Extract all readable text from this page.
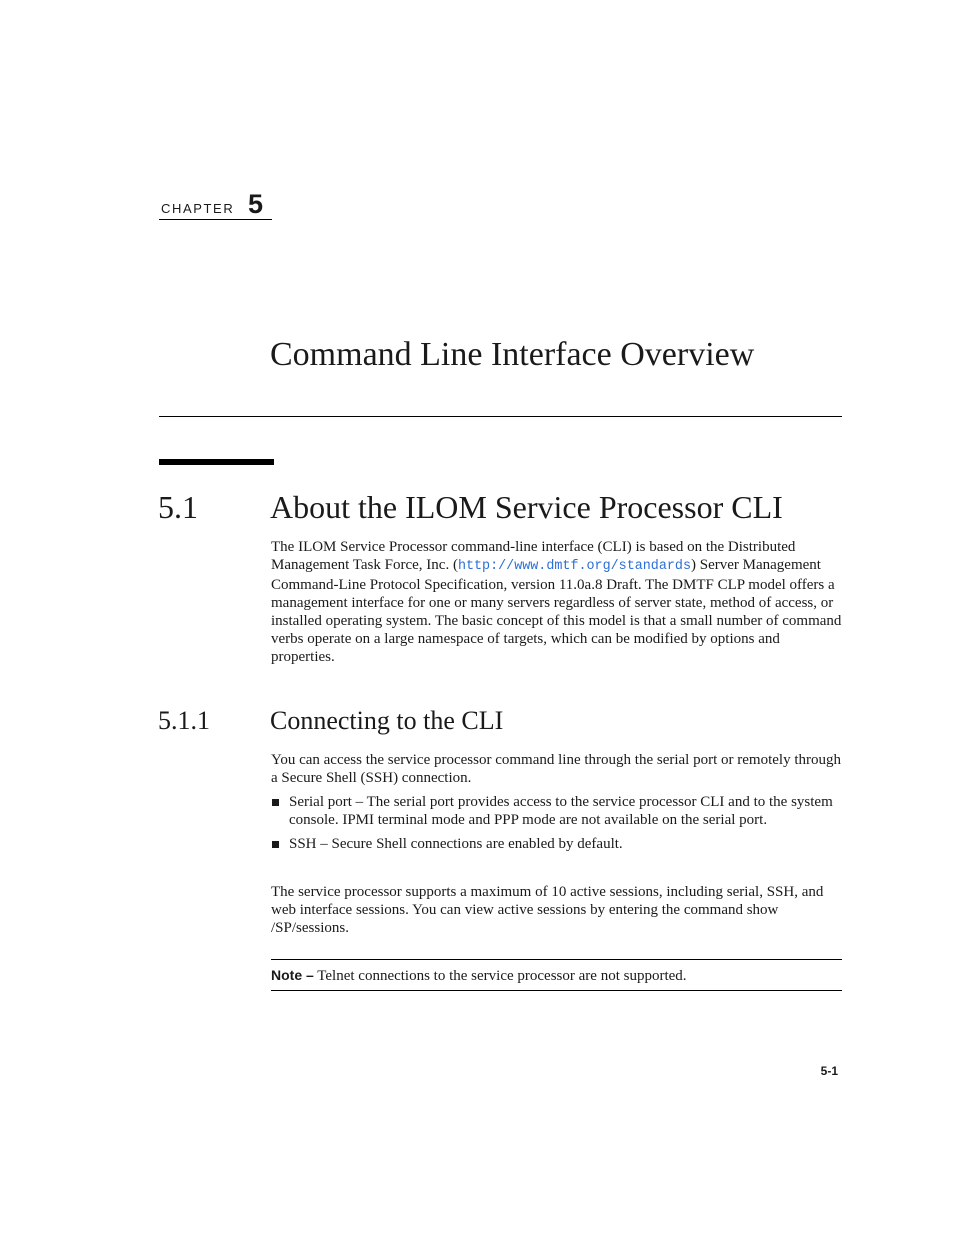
CHAPTER 5
Command Line Interface Overview
5.1 About the ILOM Service Processor CLI

The ILOM Service Processor command-line interface (CLI) is based on the Distributed Management Task Force, Inc. (http://www.dmtf.org/standards) Server Management Command-Line Protocol Specification, version 11.0a.8 Draft. The DMTF CLP model offers a management interface for one or many servers regardless of server state, method of access, or installed operating system. The basic concept of this model is that a small number of command verbs operate on a large namespace of targets, which can be modified by options and properties.

5.1.1 Connecting to the CLI

You can access the service processor command line through the serial port or remotely through a Secure Shell (SSH) connection.

Serial port – The serial port provides access to the service processor CLI and to the system console. IPMI terminal mode and PPP mode are not available on the serial port.
SSH – Secure Shell connections are enabled by default.

The service processor supports a maximum of 10 active sessions, including serial, SSH, and web interface sessions. You can view active sessions by entering the command show /SP/sessions.

Note – Telnet connections to the service processor are not supported.
5-1
